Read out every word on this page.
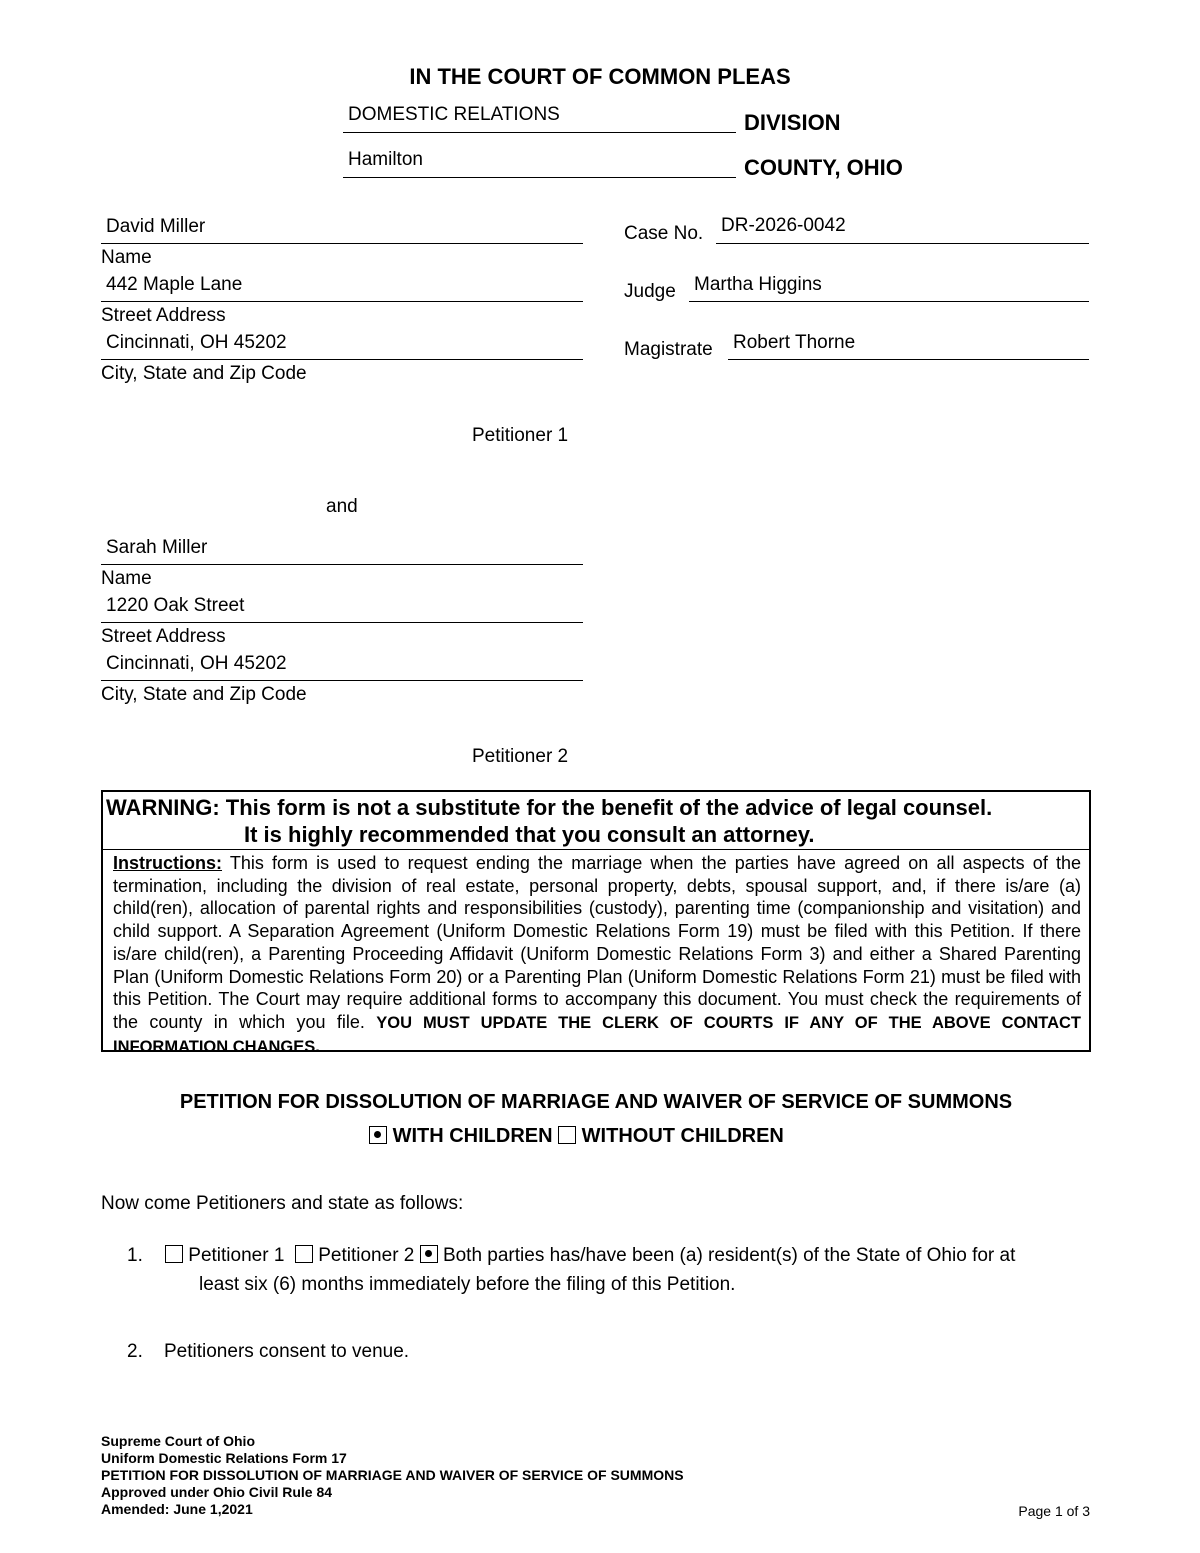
IN THE COURT OF COMMON PLEAS
DOMESTIC RELATIONS	DIVISION
Hamilton	COUNTY, OHIO
David Miller
Name
442 Maple Lane
Street Address
Cincinnati, OH 45202
City, State and Zip Code
Petitioner 1
Case No. DR-2026-0042
Judge Martha Higgins
Magistrate Robert Thorne
and
Sarah Miller
Name
1220 Oak Street
Street Address
Cincinnati, OH 45202
City, State and Zip Code
Petitioner 2
WARNING: This form is not a substitute for the benefit of the advice of legal counsel.
It is highly recommended that you consult an attorney.
Instructions: This form is used to request ending the marriage when the parties have agreed on all aspects of the termination, including the division of real estate, personal property, debts, spousal support, and, if there is/are (a) child(ren), allocation of parental rights and responsibilities (custody), parenting time (companionship and visitation) and child support. A Separation Agreement (Uniform Domestic Relations Form 19) must be filed with this Petition. If there is/are child(ren), a Parenting Proceeding Affidavit (Uniform Domestic Relations Form 3) and either a Shared Parenting Plan (Uniform Domestic Relations Form 20) or a Parenting Plan (Uniform Domestic Relations Form 21) must be filed with this Petition. The Court may require additional forms to accompany this document. You must check the requirements of the county in which you file. YOU MUST UPDATE THE CLERK OF COURTS IF ANY OF THE ABOVE CONTACT INFORMATION CHANGES.
PETITION FOR DISSOLUTION OF MARRIAGE AND WAIVER OF SERVICE OF SUMMONS
WITH CHILDREN WITHOUT CHILDREN
Now come Petitioners and state as follows:
1.	Petitioner 1 Petitioner 2 Both parties has/have been (a) resident(s) of the State of Ohio for at
least six (6) months immediately before the filing of this Petition.
2. Petitioners consent to venue.
Supreme Court of Ohio
Uniform Domestic Relations Form 17
PETITION FOR DISSOLUTION OF MARRIAGE AND WAIVER OF SERVICE OF SUMMONS
Approved under Ohio Civil Rule 84
Amended: June 1,2021	Page 1 of 3
